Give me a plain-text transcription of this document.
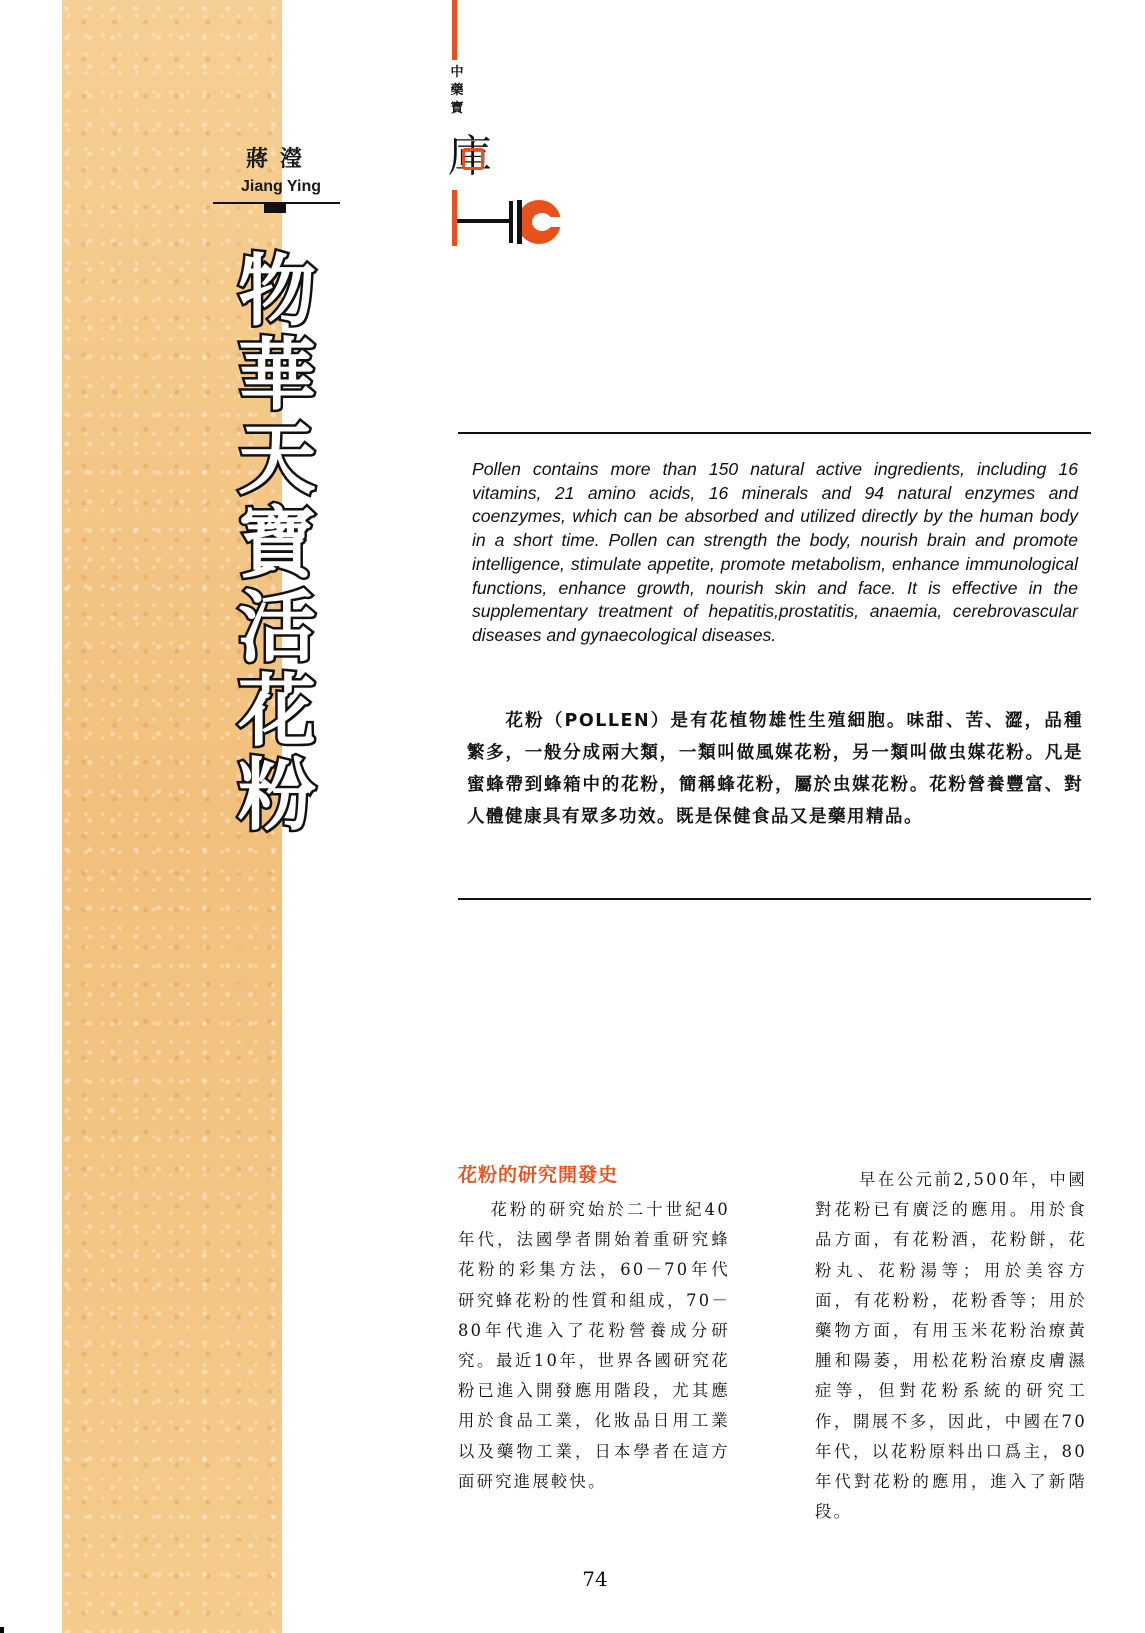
蔣瀅
Jiang Ying
物
華
天
寶
活
花
粉
中
藥
寶
庫
Pollen contains more than 150 natural active ingredients, including 16 vitamins, 21 amino acids, 16 minerals and 94 natural enzymes and coenzymes, which can be absorbed and utilized directly by the human body in a short time. Pollen can strength the body, nourish brain and promote intelligence, stimulate appetite, promote metabolism, enhance immunological functions, enhance growth, nourish skin and face. It is effective in the supplementary treatment of hepatitis,prostatitis, anaemia, cerebrovascular diseases and gynaecological diseases.
花粉（POLLEN）是有花植物雄性生殖細胞。味甜、苦、澀，品種繁多，一般分成兩大類，一類叫做風媒花粉，另一類叫做虫媒花粉。凡是蜜蜂帶到蜂箱中的花粉，簡稱蜂花粉，屬於虫媒花粉。花粉營養豐富、對人體健康具有眾多功效。既是保健食品又是藥用精品。
花粉的研究開發史
花粉的研究始於二十世紀40年代，法國學者開始着重研究蜂花粉的彩集方法，60－70年代研究蜂花粉的性質和組成，70－80年代進入了花粉營養成分研究。最近10年，世界各國研究花粉已進入開發應用階段，尤其應用於食品工業，化妝品日用工業以及藥物工業，日本學者在這方面研究進展較快。
早在公元前2,500年，中國對花粉已有廣泛的應用。用於食品方面，有花粉酒，花粉餅，花粉丸、花粉湯等；用於美容方面，有花粉粉，花粉香等；用於藥物方面，有用玉米花粉治療黃腫和陽萎，用松花粉治療皮膚濕症等，但對花粉系統的研究工作，開展不多，因此，中國在70年代，以花粉原料出口爲主，80年代對花粉的應用，進入了新階段。
74
